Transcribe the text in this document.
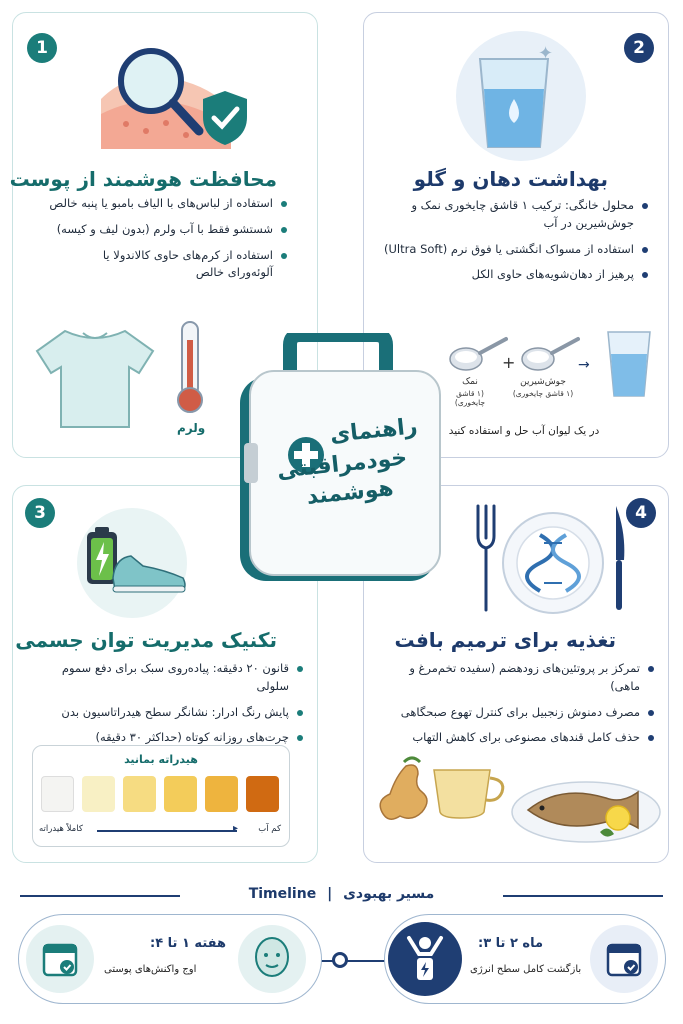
1
محافظت هوشمند از پوست
استفاده از لباس‌های با الیاف بامبو یا پنبه خالص
شستشو فقط با آب ولرم (بدون لیف و کیسه)
استفاده از کرم‌های حاوی کالاندولا یا آلوئه‌ورای خالص
ولرم
2
✦
بهداشت دهان و گلو
محلول خانگی: ترکیب ۱ قاشق چایخوری نمک و جوش‌شیرین در آب
استفاده از مسواک انگشتی یا فوق نرم (Ultra Soft)
پرهیز از دهان‌شویه‌های حاوی الکل
نمک
(۱ قاشق چایخوری)
+
جوش‌شیرین
(۱ قاشق چایخوری)
→
در یک لیوان آب حل و استفاده کنید
3
تکنیک مدیریت توان جسمی
قانون ۲۰ دقیقه: پیاده‌روی سبک برای دفع سموم سلولی
پایش رنگ ادرار: نشانگر سطح هیدراتاسیون بدن
چرت‌های روزانه کوتاه (حداکثر ۳۰ دقیقه)
هیدراته بمانید
کاملاً هیدراته	▸ کم آب
4
تغذیه برای ترمیم بافت
تمرکز بر پروتئین‌های زودهضم (سفیده تخم‌مرغ و ماهی)
مصرف دمنوش زنجبیل برای کنترل تهوع صبحگاهی
حذف کامل قندهای مصنوعی برای کاهش التهاب
راهنمای
خودمراقبتی
هوشمند
Timeline | مسیر بهبودی
هفته ۱ تا ۴:
اوج واکنش‌های پوستی
ماه ۲ تا ۳:
بازگشت کامل سطح انرژی
